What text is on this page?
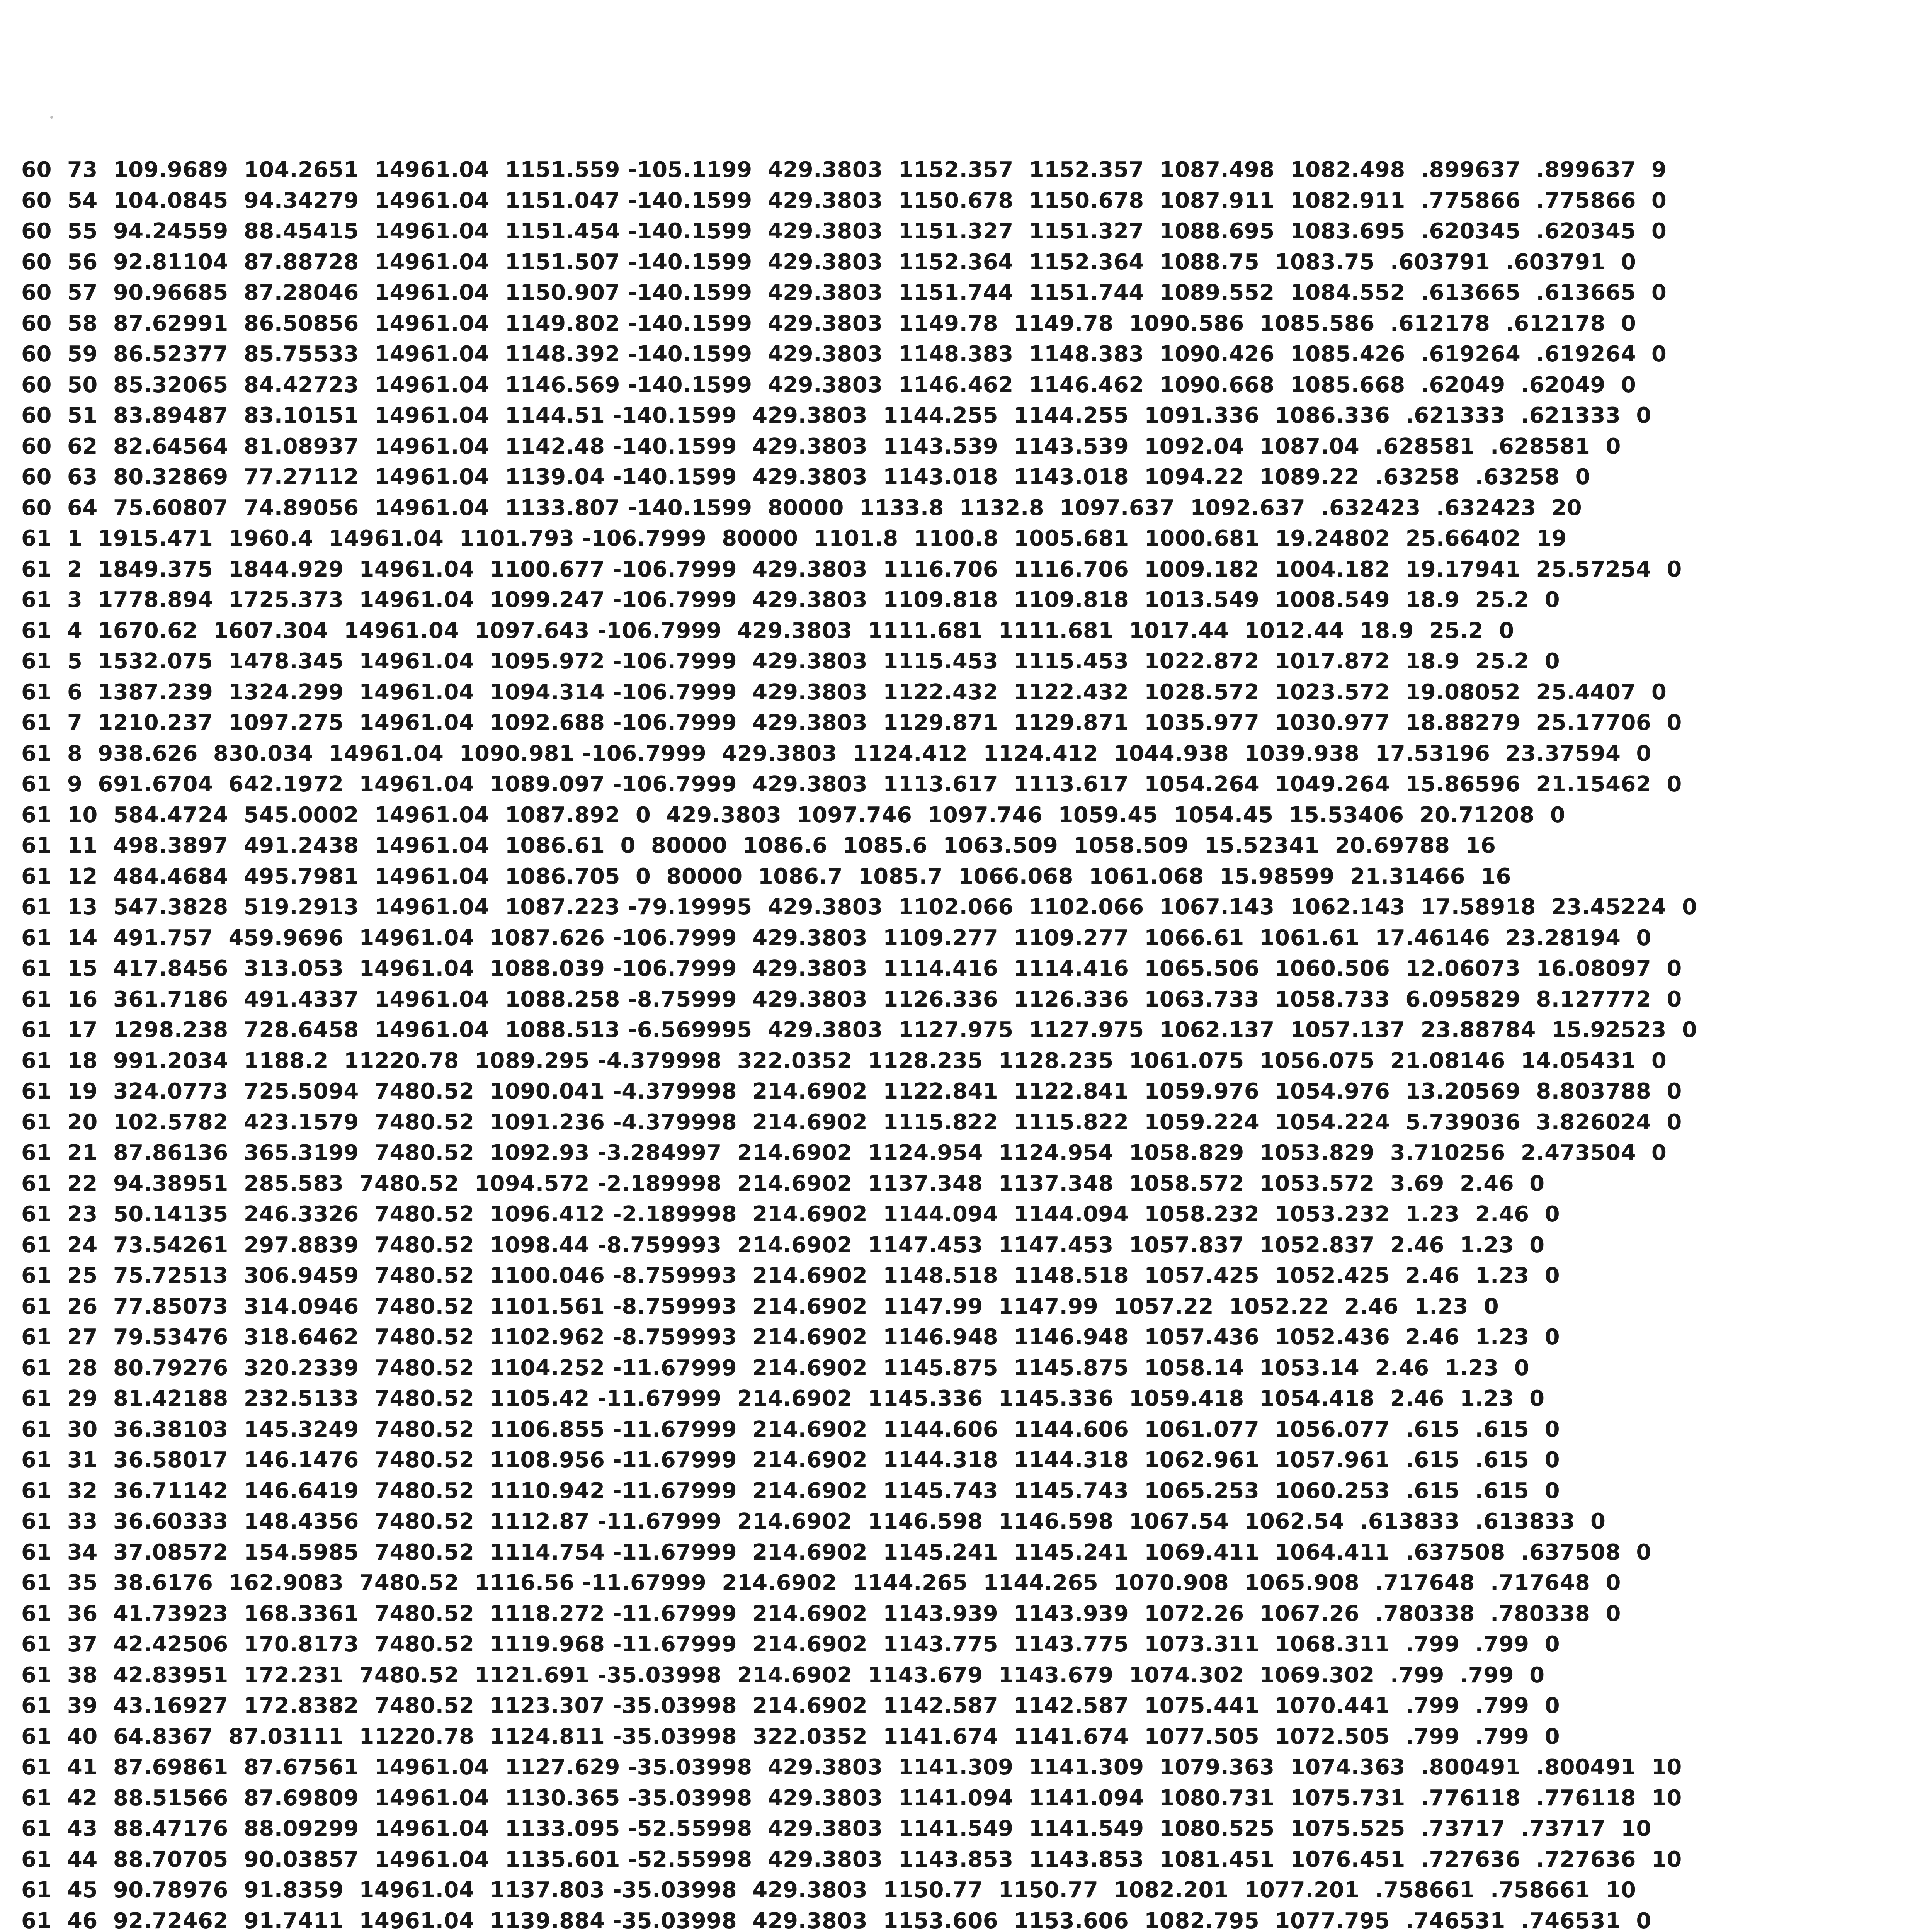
60  73  109.9689  104.2651  14961.04  1151.559 -105.1199  429.3803  1152.357  1152.357  1087.498  1082.498  .899637  .899637  9
60  54  104.0845  94.34279  14961.04  1151.047 -140.1599  429.3803  1150.678  1150.678  1087.911  1082.911  .775866  .775866  0
60  55  94.24559  88.45415  14961.04  1151.454 -140.1599  429.3803  1151.327  1151.327  1088.695  1083.695  .620345  .620345  0
60  56  92.81104  87.88728  14961.04  1151.507 -140.1599  429.3803  1152.364  1152.364  1088.75  1083.75  .603791  .603791  0
60  57  90.96685  87.28046  14961.04  1150.907 -140.1599  429.3803  1151.744  1151.744  1089.552  1084.552  .613665  .613665  0
60  58  87.62991  86.50856  14961.04  1149.802 -140.1599  429.3803  1149.78  1149.78  1090.586  1085.586  .612178  .612178  0
60  59  86.52377  85.75533  14961.04  1148.392 -140.1599  429.3803  1148.383  1148.383  1090.426  1085.426  .619264  .619264  0
60  50  85.32065  84.42723  14961.04  1146.569 -140.1599  429.3803  1146.462  1146.462  1090.668  1085.668  .62049  .62049  0
60  51  83.89487  83.10151  14961.04  1144.51 -140.1599  429.3803  1144.255  1144.255  1091.336  1086.336  .621333  .621333  0
60  62  82.64564  81.08937  14961.04  1142.48 -140.1599  429.3803  1143.539  1143.539  1092.04  1087.04  .628581  .628581  0
60  63  80.32869  77.27112  14961.04  1139.04 -140.1599  429.3803  1143.018  1143.018  1094.22  1089.22  .63258  .63258  0
60  64  75.60807  74.89056  14961.04  1133.807 -140.1599  80000  1133.8  1132.8  1097.637  1092.637  .632423  .632423  20
61  1  1915.471  1960.4  14961.04  1101.793 -106.7999  80000  1101.8  1100.8  1005.681  1000.681  19.24802  25.66402  19
61  2  1849.375  1844.929  14961.04  1100.677 -106.7999  429.3803  1116.706  1116.706  1009.182  1004.182  19.17941  25.57254  0
61  3  1778.894  1725.373  14961.04  1099.247 -106.7999  429.3803  1109.818  1109.818  1013.549  1008.549  18.9  25.2  0
61  4  1670.62  1607.304  14961.04  1097.643 -106.7999  429.3803  1111.681  1111.681  1017.44  1012.44  18.9  25.2  0
61  5  1532.075  1478.345  14961.04  1095.972 -106.7999  429.3803  1115.453  1115.453  1022.872  1017.872  18.9  25.2  0
61  6  1387.239  1324.299  14961.04  1094.314 -106.7999  429.3803  1122.432  1122.432  1028.572  1023.572  19.08052  25.4407  0
61  7  1210.237  1097.275  14961.04  1092.688 -106.7999  429.3803  1129.871  1129.871  1035.977  1030.977  18.88279  25.17706  0
61  8  938.626  830.034  14961.04  1090.981 -106.7999  429.3803  1124.412  1124.412  1044.938  1039.938  17.53196  23.37594  0
61  9  691.6704  642.1972  14961.04  1089.097 -106.7999  429.3803  1113.617  1113.617  1054.264  1049.264  15.86596  21.15462  0
61  10  584.4724  545.0002  14961.04  1087.892  0  429.3803  1097.746  1097.746  1059.45  1054.45  15.53406  20.71208  0
61  11  498.3897  491.2438  14961.04  1086.61  0  80000  1086.6  1085.6  1063.509  1058.509  15.52341  20.69788  16
61  12  484.4684  495.7981  14961.04  1086.705  0  80000  1086.7  1085.7  1066.068  1061.068  15.98599  21.31466  16
61  13  547.3828  519.2913  14961.04  1087.223 -79.19995  429.3803  1102.066  1102.066  1067.143  1062.143  17.58918  23.45224  0
61  14  491.757  459.9696  14961.04  1087.626 -106.7999  429.3803  1109.277  1109.277  1066.61  1061.61  17.46146  23.28194  0
61  15  417.8456  313.053  14961.04  1088.039 -106.7999  429.3803  1114.416  1114.416  1065.506  1060.506  12.06073  16.08097  0
61  16  361.7186  491.4337  14961.04  1088.258 -8.75999  429.3803  1126.336  1126.336  1063.733  1058.733  6.095829  8.127772  0
61  17  1298.238  728.6458  14961.04  1088.513 -6.569995  429.3803  1127.975  1127.975  1062.137  1057.137  23.88784  15.92523  0
61  18  991.2034  1188.2  11220.78  1089.295 -4.379998  322.0352  1128.235  1128.235  1061.075  1056.075  21.08146  14.05431  0
61  19  324.0773  725.5094  7480.52  1090.041 -4.379998  214.6902  1122.841  1122.841  1059.976  1054.976  13.20569  8.803788  0
61  20  102.5782  423.1579  7480.52  1091.236 -4.379998  214.6902  1115.822  1115.822  1059.224  1054.224  5.739036  3.826024  0
61  21  87.86136  365.3199  7480.52  1092.93 -3.284997  214.6902  1124.954  1124.954  1058.829  1053.829  3.710256  2.473504  0
61  22  94.38951  285.583  7480.52  1094.572 -2.189998  214.6902  1137.348  1137.348  1058.572  1053.572  3.69  2.46  0
61  23  50.14135  246.3326  7480.52  1096.412 -2.189998  214.6902  1144.094  1144.094  1058.232  1053.232  1.23  2.46  0
61  24  73.54261  297.8839  7480.52  1098.44 -8.759993  214.6902  1147.453  1147.453  1057.837  1052.837  2.46  1.23  0
61  25  75.72513  306.9459  7480.52  1100.046 -8.759993  214.6902  1148.518  1148.518  1057.425  1052.425  2.46  1.23  0
61  26  77.85073  314.0946  7480.52  1101.561 -8.759993  214.6902  1147.99  1147.99  1057.22  1052.22  2.46  1.23  0
61  27  79.53476  318.6462  7480.52  1102.962 -8.759993  214.6902  1146.948  1146.948  1057.436  1052.436  2.46  1.23  0
61  28  80.79276  320.2339  7480.52  1104.252 -11.67999  214.6902  1145.875  1145.875  1058.14  1053.14  2.46  1.23  0
61  29  81.42188  232.5133  7480.52  1105.42 -11.67999  214.6902  1145.336  1145.336  1059.418  1054.418  2.46  1.23  0
61  30  36.38103  145.3249  7480.52  1106.855 -11.67999  214.6902  1144.606  1144.606  1061.077  1056.077  .615  .615  0
61  31  36.58017  146.1476  7480.52  1108.956 -11.67999  214.6902  1144.318  1144.318  1062.961  1057.961  .615  .615  0
61  32  36.71142  146.6419  7480.52  1110.942 -11.67999  214.6902  1145.743  1145.743  1065.253  1060.253  .615  .615  0
61  33  36.60333  148.4356  7480.52  1112.87 -11.67999  214.6902  1146.598  1146.598  1067.54  1062.54  .613833  .613833  0
61  34  37.08572  154.5985  7480.52  1114.754 -11.67999  214.6902  1145.241  1145.241  1069.411  1064.411  .637508  .637508  0
61  35  38.6176  162.9083  7480.52  1116.56 -11.67999  214.6902  1144.265  1144.265  1070.908  1065.908  .717648  .717648  0
61  36  41.73923  168.3361  7480.52  1118.272 -11.67999  214.6902  1143.939  1143.939  1072.26  1067.26  .780338  .780338  0
61  37  42.42506  170.8173  7480.52  1119.968 -11.67999  214.6902  1143.775  1143.775  1073.311  1068.311  .799  .799  0
61  38  42.83951  172.231  7480.52  1121.691 -35.03998  214.6902  1143.679  1143.679  1074.302  1069.302  .799  .799  0
61  39  43.16927  172.8382  7480.52  1123.307 -35.03998  214.6902  1142.587  1142.587  1075.441  1070.441  .799  .799  0
61  40  64.8367  87.03111  11220.78  1124.811 -35.03998  322.0352  1141.674  1141.674  1077.505  1072.505  .799  .799  0
61  41  87.69861  87.67561  14961.04  1127.629 -35.03998  429.3803  1141.309  1141.309  1079.363  1074.363  .800491  .800491  10
61  42  88.51566  87.69809  14961.04  1130.365 -35.03998  429.3803  1141.094  1141.094  1080.731  1075.731  .776118  .776118  10
61  43  88.47176  88.09299  14961.04  1133.095 -52.55998  429.3803  1141.549  1141.549  1080.525  1075.525  .73717  .73717  10
61  44  88.70705  90.03857  14961.04  1135.601 -52.55998  429.3803  1143.853  1143.853  1081.451  1076.451  .727636  .727636  10
61  45  90.78976  91.8359  14961.04  1137.803 -35.03998  429.3803  1150.77  1150.77  1082.201  1077.201  .758661  .758661  10
61  46  92.72462  91.7411  14961.04  1139.884 -35.03998  429.3803  1153.606  1153.606  1082.795  1077.795  .746531  .746531  0
